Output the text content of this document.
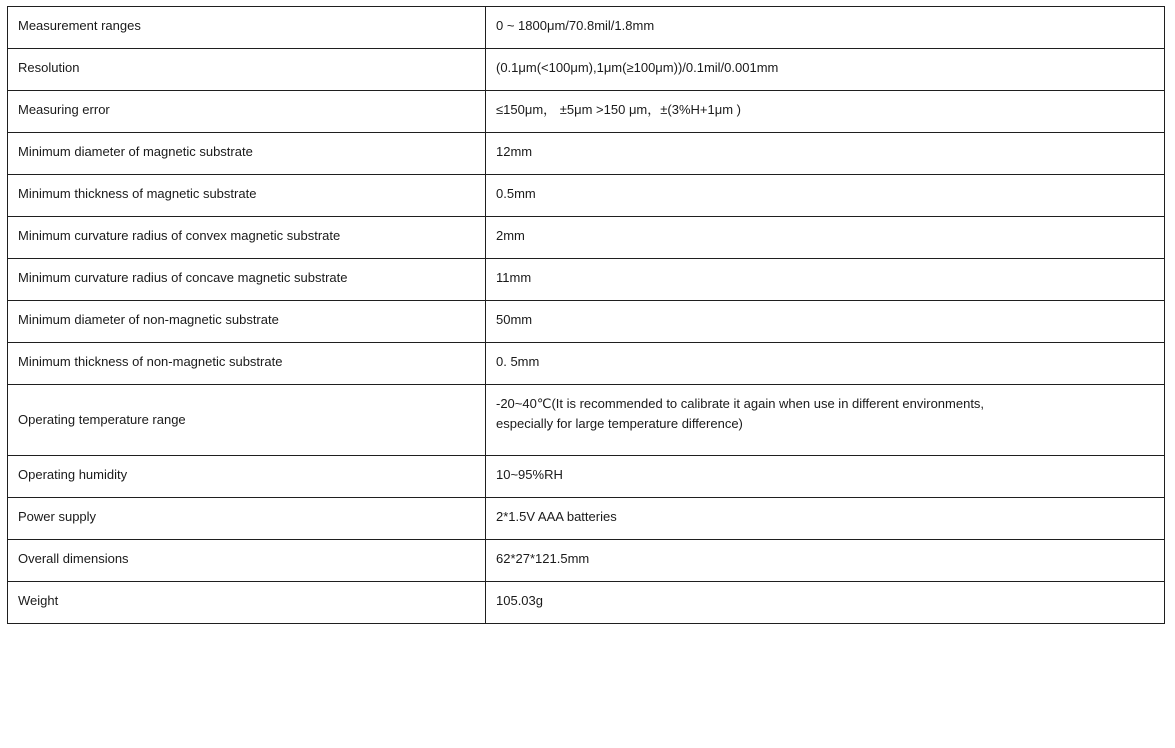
Measurement ranges	0 ~ 1800μm/70.8mil/1.8mm
Resolution	(0.1μm(<100μm),1μm(≥100μm))/0.1mil/0.001mm
Measuring error	≤150μm， ±5μm >150 μm，±(3%H+1μm )
Minimum diameter of magnetic substrate	12mm
Minimum thickness of magnetic substrate	0.5mm
Minimum curvature radius of convex magnetic substrate	2mm
Minimum curvature radius of concave magnetic substrate	11mm
Minimum diameter of non-magnetic substrate	50mm
Minimum thickness of non-magnetic substrate	0. 5mm
Operating temperature range	-20~40℃(It is recommended to calibrate it again when use in different environments,
especially for large temperature difference)

Operating humidity	10~95%RH
Power supply	2*1.5V AAA batteries
Overall dimensions	62*27*121.5mm
Weight	105.03g
